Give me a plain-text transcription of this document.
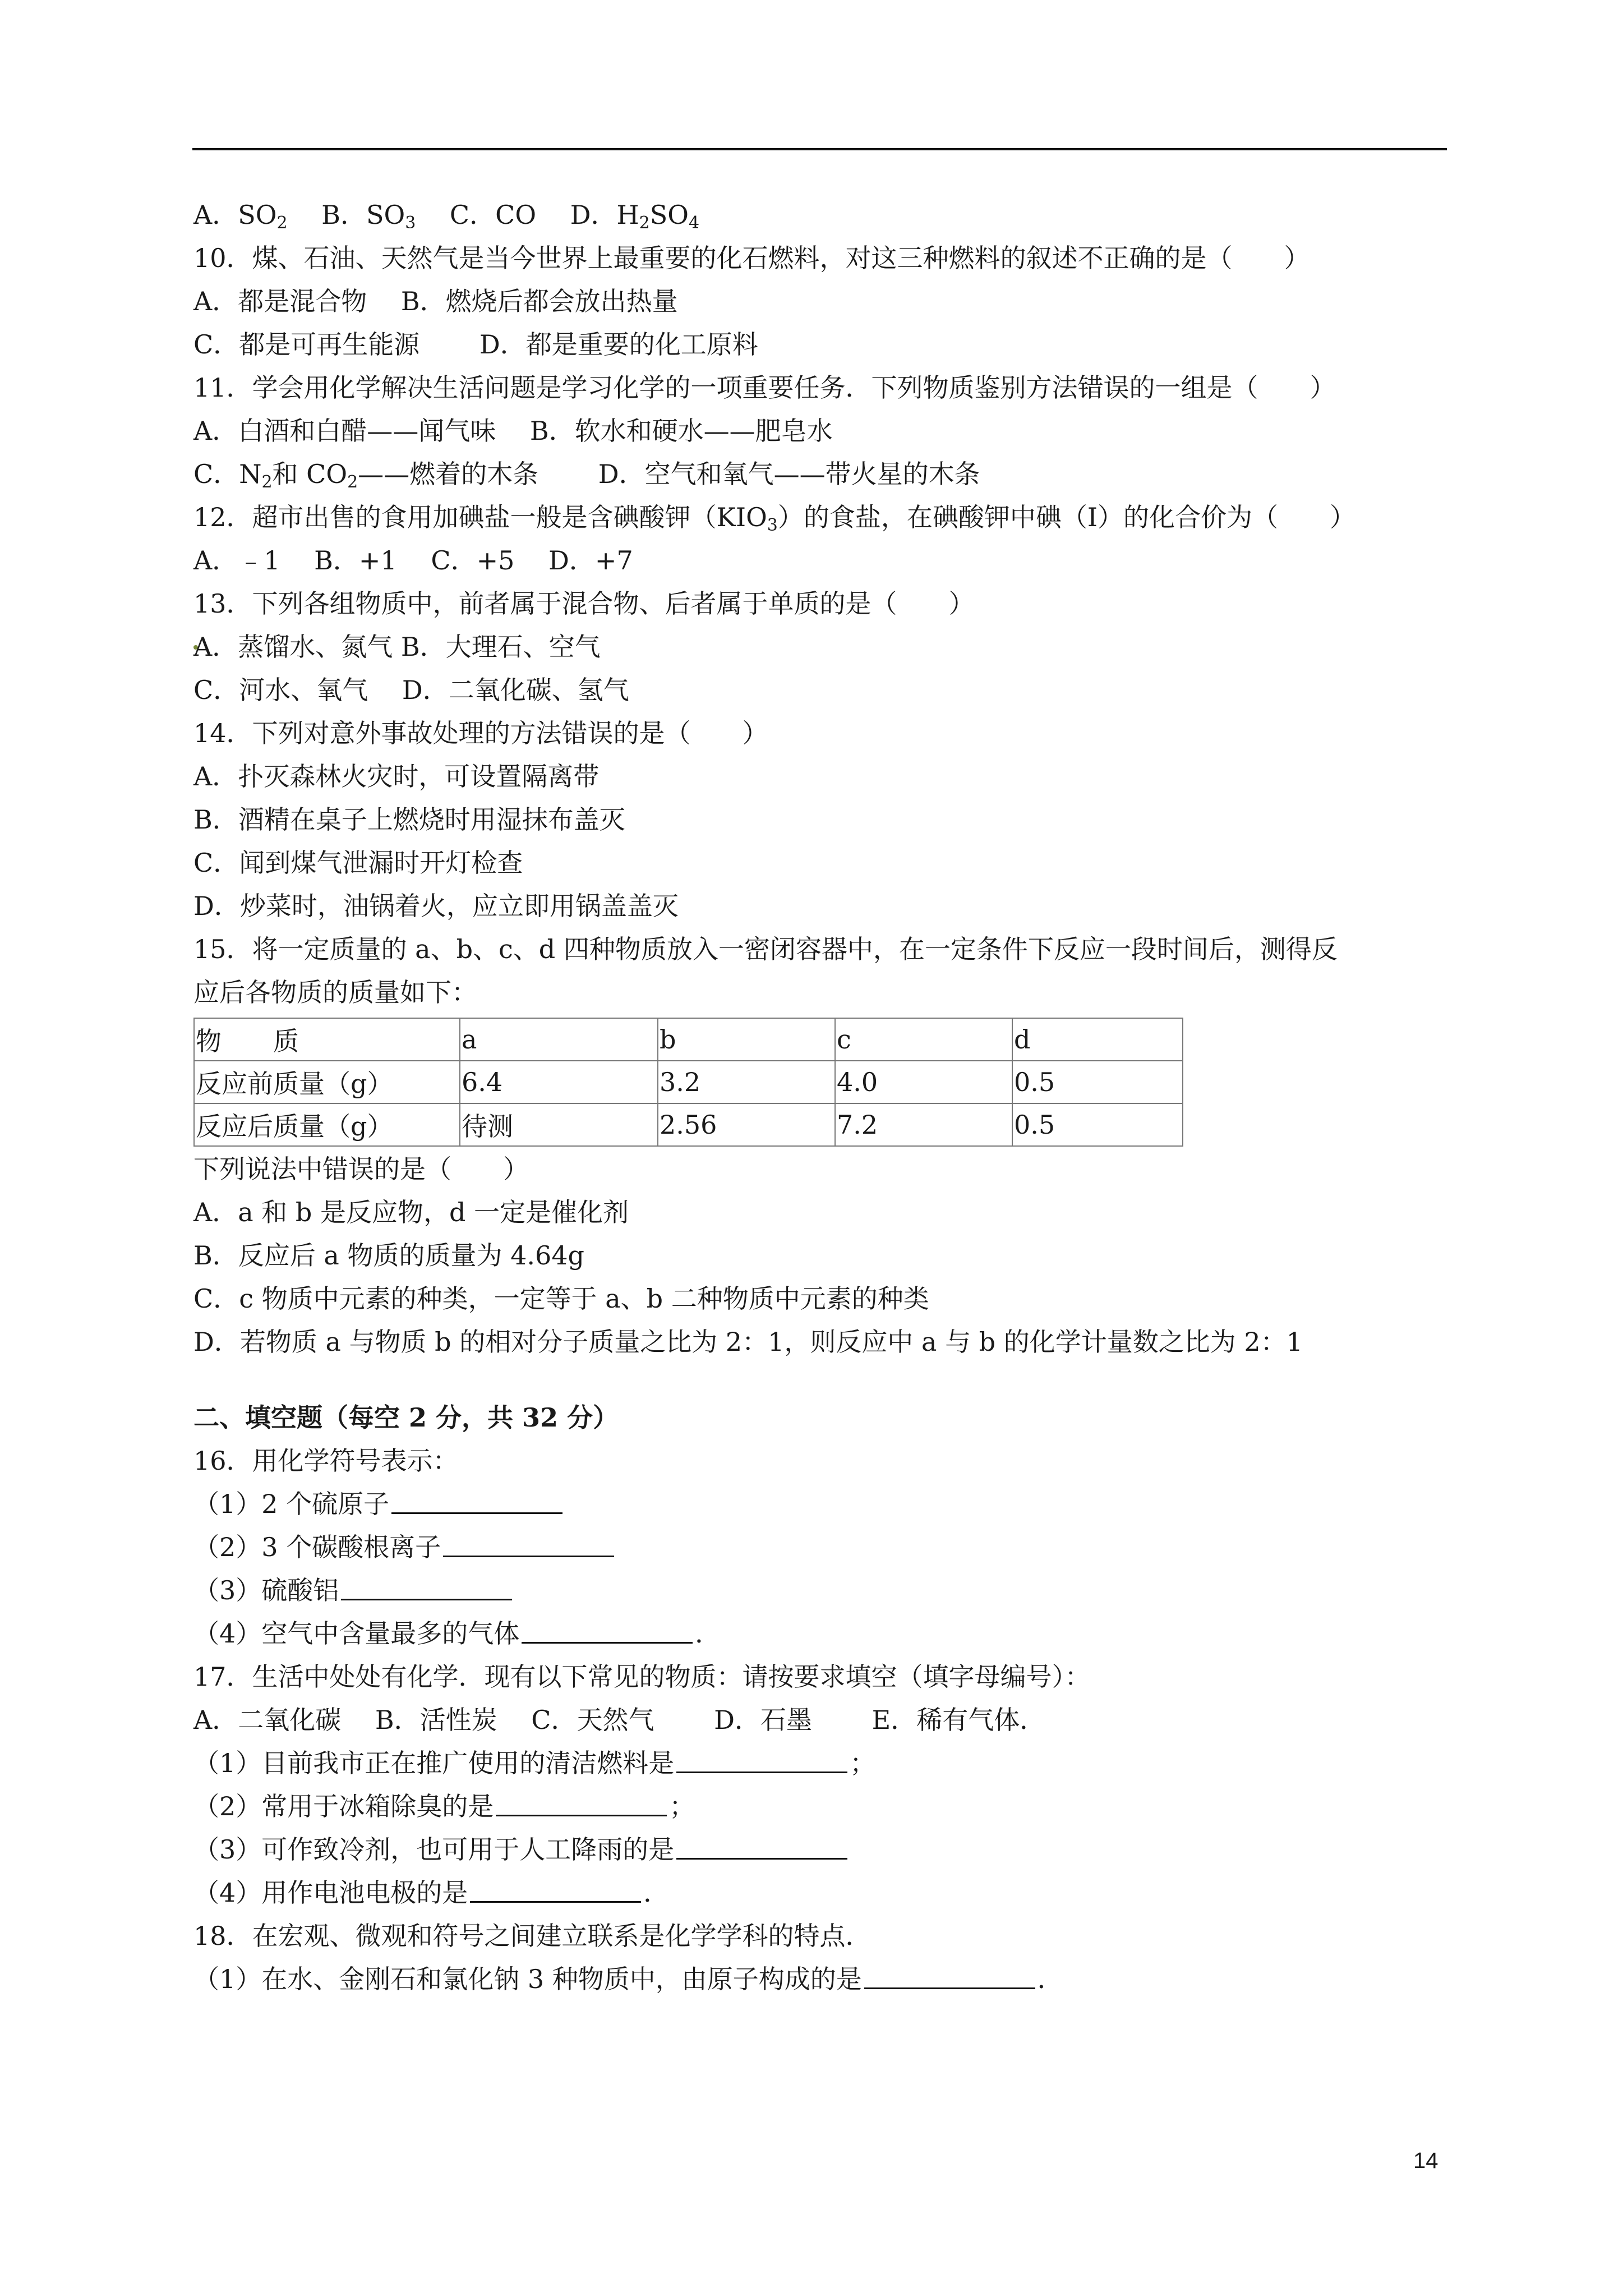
A．$SO_2$ B．$SO_3$ C．CO D．$H_2SO_4$
10．煤、石油、天然气是当今世界上最重要的化石燃料，对这三种燃料的叙述不正确的是（　　）
A．都是混合物 B．燃烧后都会放出热量
C．都是可再生能源 D．都是重要的化工原料
11．学会用化学解决生活问题是学习化学的一项重要任务．下列物质鉴别方法错误的一组是（　　）
A．白酒和白醋——闻气味 B．软水和硬水——肥皂水
C．$N_2$和 $CO_2——$燃着的木条 D．空气和氧气——带火星的木条
12．超市出售的食用加碘盐一般是含碘酸钾$(KIO_3)$的食盐，在碘酸钾中碘（I）的化合价为（　　）
A．﹣1 B．+1 C．+5 D．+7
13．下列各组物质中，前者属于混合物、后者属于单质的是（　　）
A．蒸馏水、氮气 B．大理石、空气
C．河水、氧气 D．二氧化碳、氢气
14．下列对意外事故处理的方法错误的是（　　）
A．扑灭森林火灾时，可设置隔离带
B．酒精在桌子上燃烧时用湿抹布盖灭
C．闻到煤气泄漏时开灯检查
D．炒菜时，油锅着火，应立即用锅盖盖灭
15．将一定质量的 a、b、c、d 四种物质放入一密闭容器中，在一定条件下反应一段时间后，测得反
应后各物质的质量如下：
物　　质	a	b	c	d
反应前质量（g）	6.4	3.2	4.0	0.5
反应后质量（g）	待测	2.56	7.2	0.5
下列说法中错误的是（　　）
A．a 和 b 是反应物，d 一定是催化剂
B．反应后 a 物质的质量为 4.64g
C．c 物质中元素的种类，一定等于 a、b 二种物质中元素的种类
D．若物质 a 与物质 b 的相对分子质量之比为 2：1，则反应中 a 与 b 的化学计量数之比为 2：1
二、填空题（每空 2 分，共 32 分）
16．用化学符号表示：
（1）2 个硫原子
（2）3 个碳酸根离子
（3）硫酸铝
（4）空气中含量最多的气体	．
17．生活中处处有化学．现有以下常见的物质：请按要求填空（填字母编号）：
A．二氧化碳 B．活性炭 C．天然气 D．石墨 E．稀有气体．
（1）目前我市正在推广使用的清洁燃料是	；
（2）常用于冰箱除臭的是	；
（3）可作致冷剂，也可用于人工降雨的是
（4）用作电池电极的是	．
18．在宏观、微观和符号之间建立联系是化学学科的特点．
（1）在水、金刚石和氯化钠 3 种物质中，由原子构成的是	．
14
